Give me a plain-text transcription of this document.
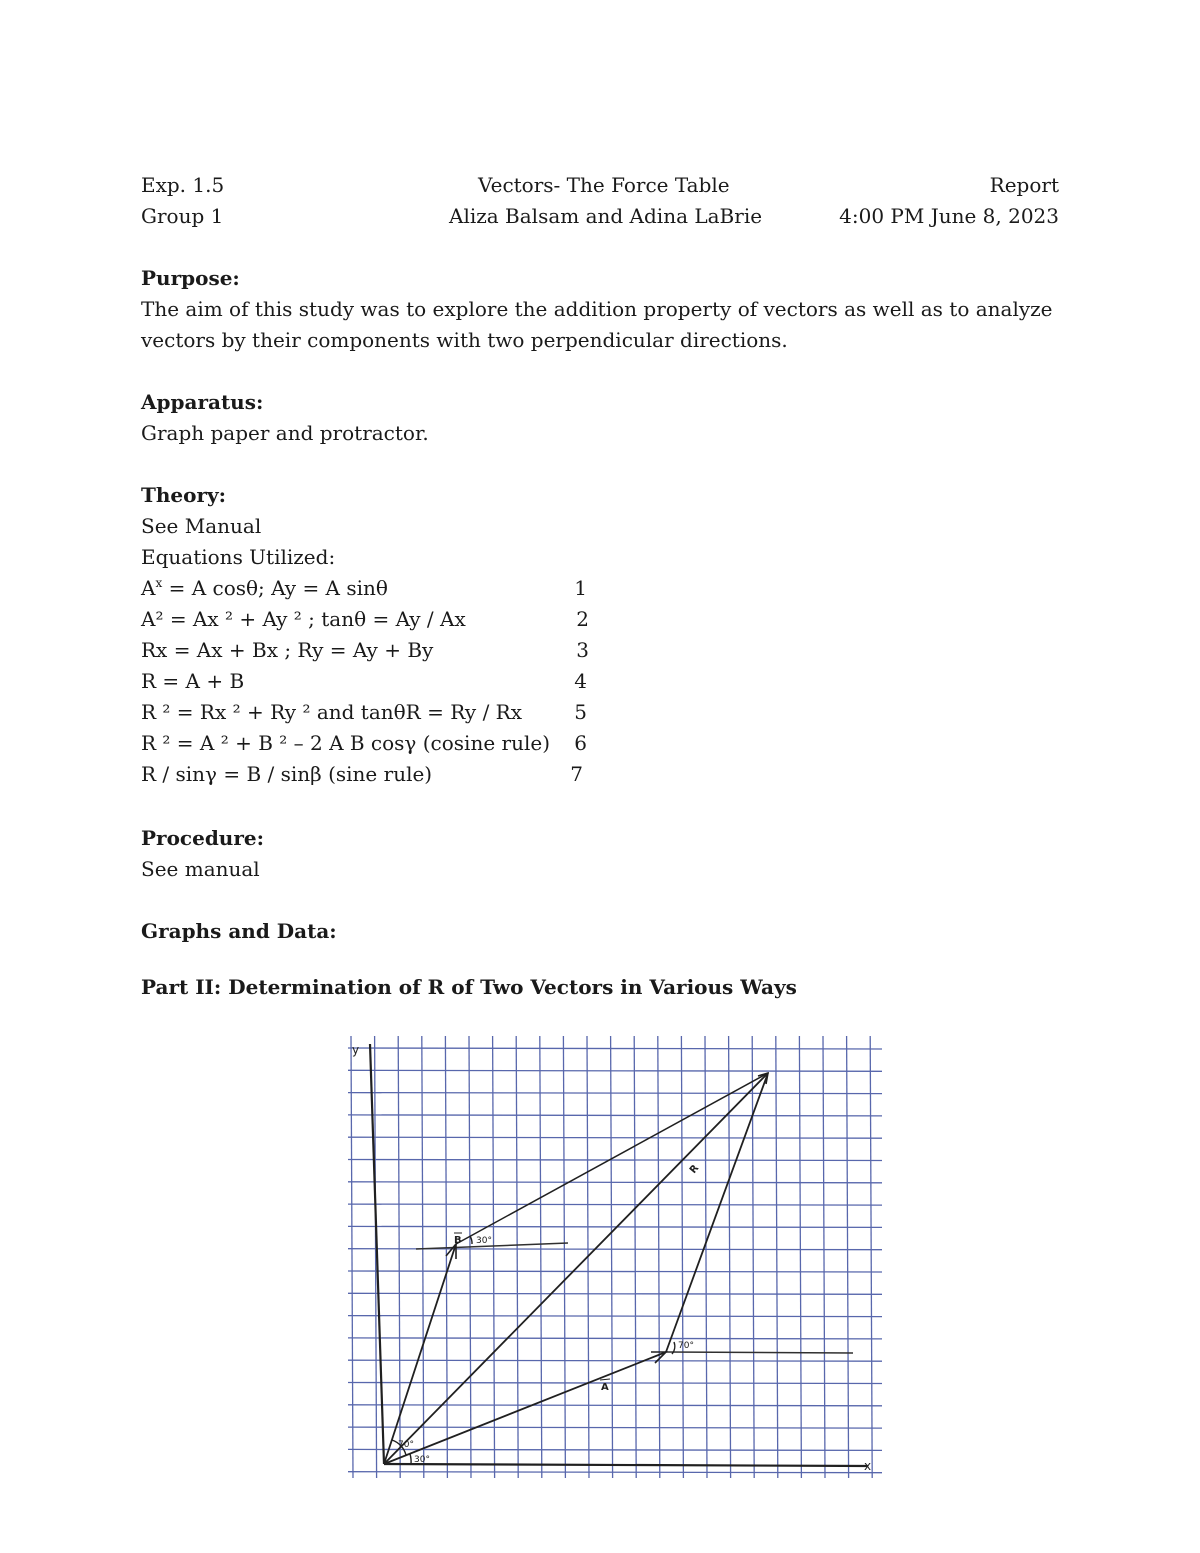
Exp. 1.5	Vectors- The Force Table	Report
Group 1	Aliza Balsam and Adina LaBrie	4:00 PM June 8, 2023
Purpose:
The aim of this study was to explore the addition property of vectors as well as to analyze
vectors by their components with two perpendicular directions.
Apparatus:
Graph paper and protractor.
Theory:
See Manual
Equations Utilized:
$A^x = A$ cosθ; Ay = A sinθ	1
A² = Ax ² + Ay ² ; tanθ = Ay / Ax	2
Rx = Ax + Bx ; Ry = Ay + By	3
R = A + B	4
R ² = Rx ² + Ry ² and tanθR = Ry / Rx	5
R ² = A ² + B ² – 2 A B cosγ (cosine rule) 6
R / sinγ = B / sinβ (sine rule)	7
Procedure:
See manual
Graphs and Data:
Part II: Determination of R of Two Vectors in Various Ways
y
x
B
A
R
70°
30°
70°
30°
